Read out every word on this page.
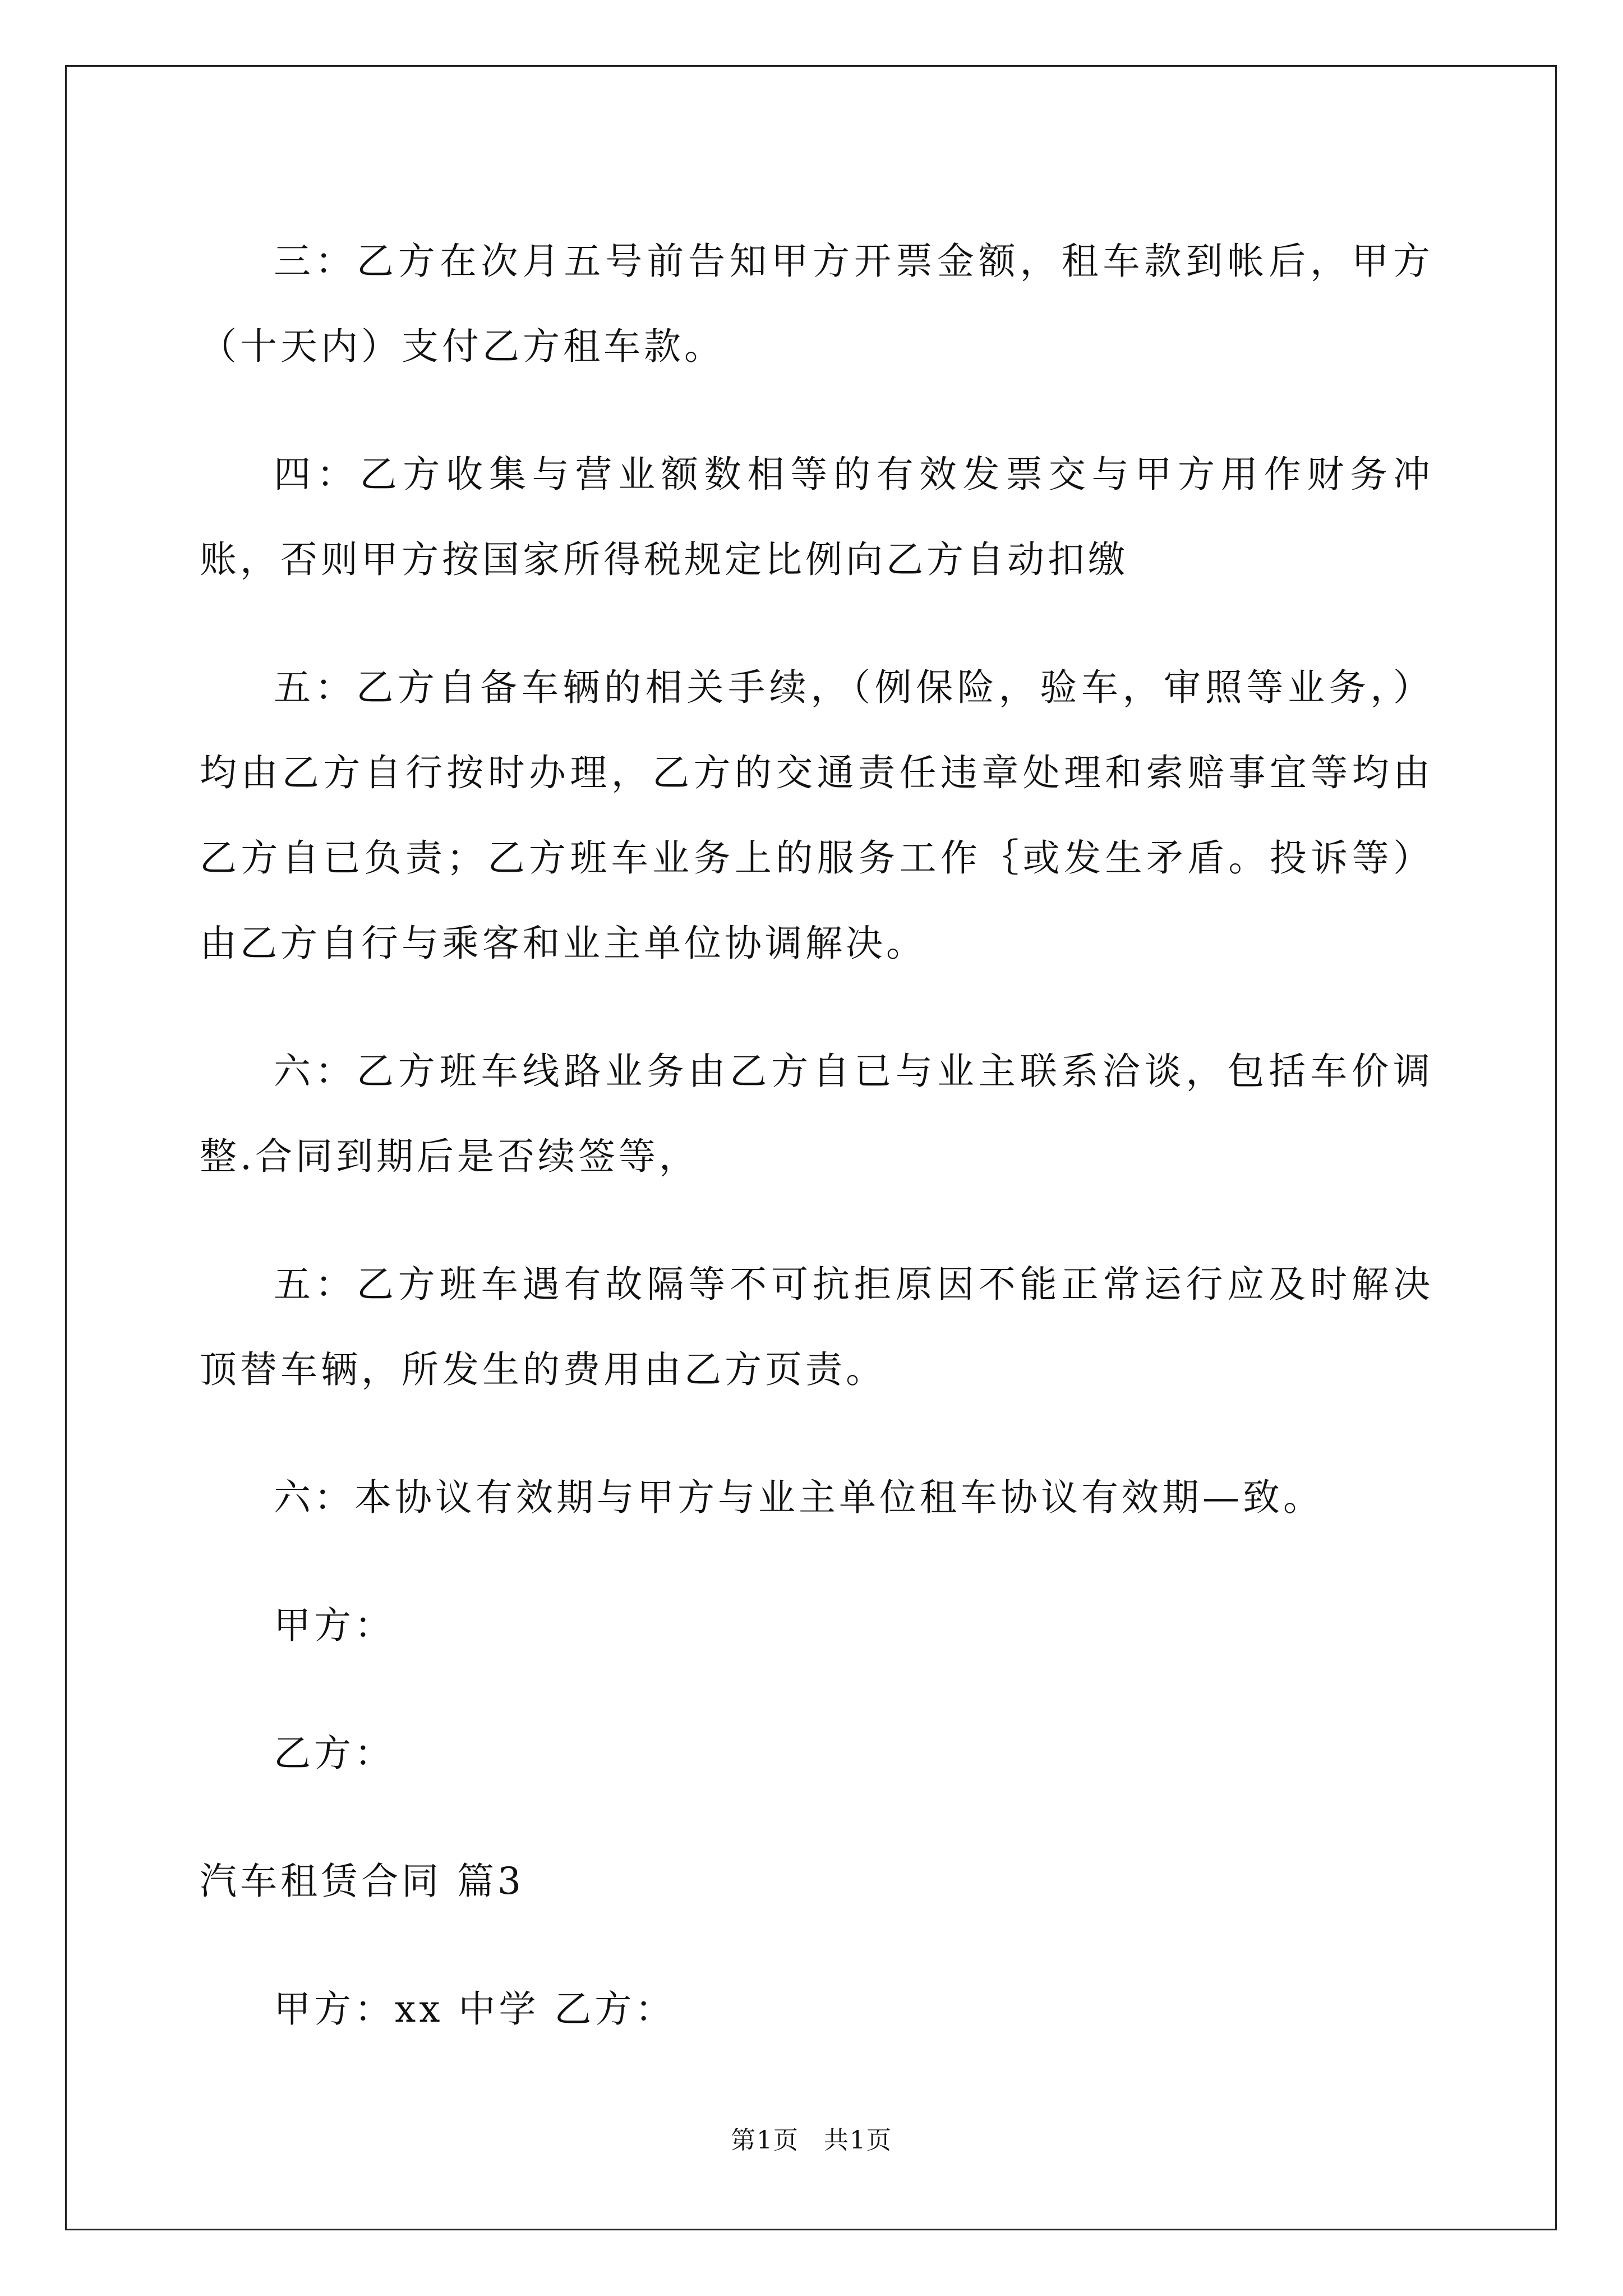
三：乙方在次月五号前告知甲方开票金额，租车款到帐后，甲方（十天内）支付乙方租车款。

四：乙方收集与营业额数相等的有效发票交与甲方用作财务冲账，否则甲方按国家所得税规定比例向乙方自动扣缴

五：乙方自备车辆的相关手续，（例保险，验车，审照等业务，）均由乙方自行按时办理，乙方的交通责任违章处理和索赔事宜等均由乙方自已负责；乙方班车业务上的服务工作｛或发生矛盾。投诉等）由乙方自行与乘客和业主单位协调解决。

六：乙方班车线路业务由乙方自已与业主联系洽谈，包括车价调整.合同到期后是否续签等，

五：乙方班车遇有故隔等不可抗拒原因不能正常运行应及时解决顶替车辆，所发生的费用由乙方页责。

六：本协议有效期与甲方与业主单位租车协议有效期—致。

甲方：

乙方：

汽车租赁合同 篇3

甲方：xx 中学 乙方：

第1页 共1页
